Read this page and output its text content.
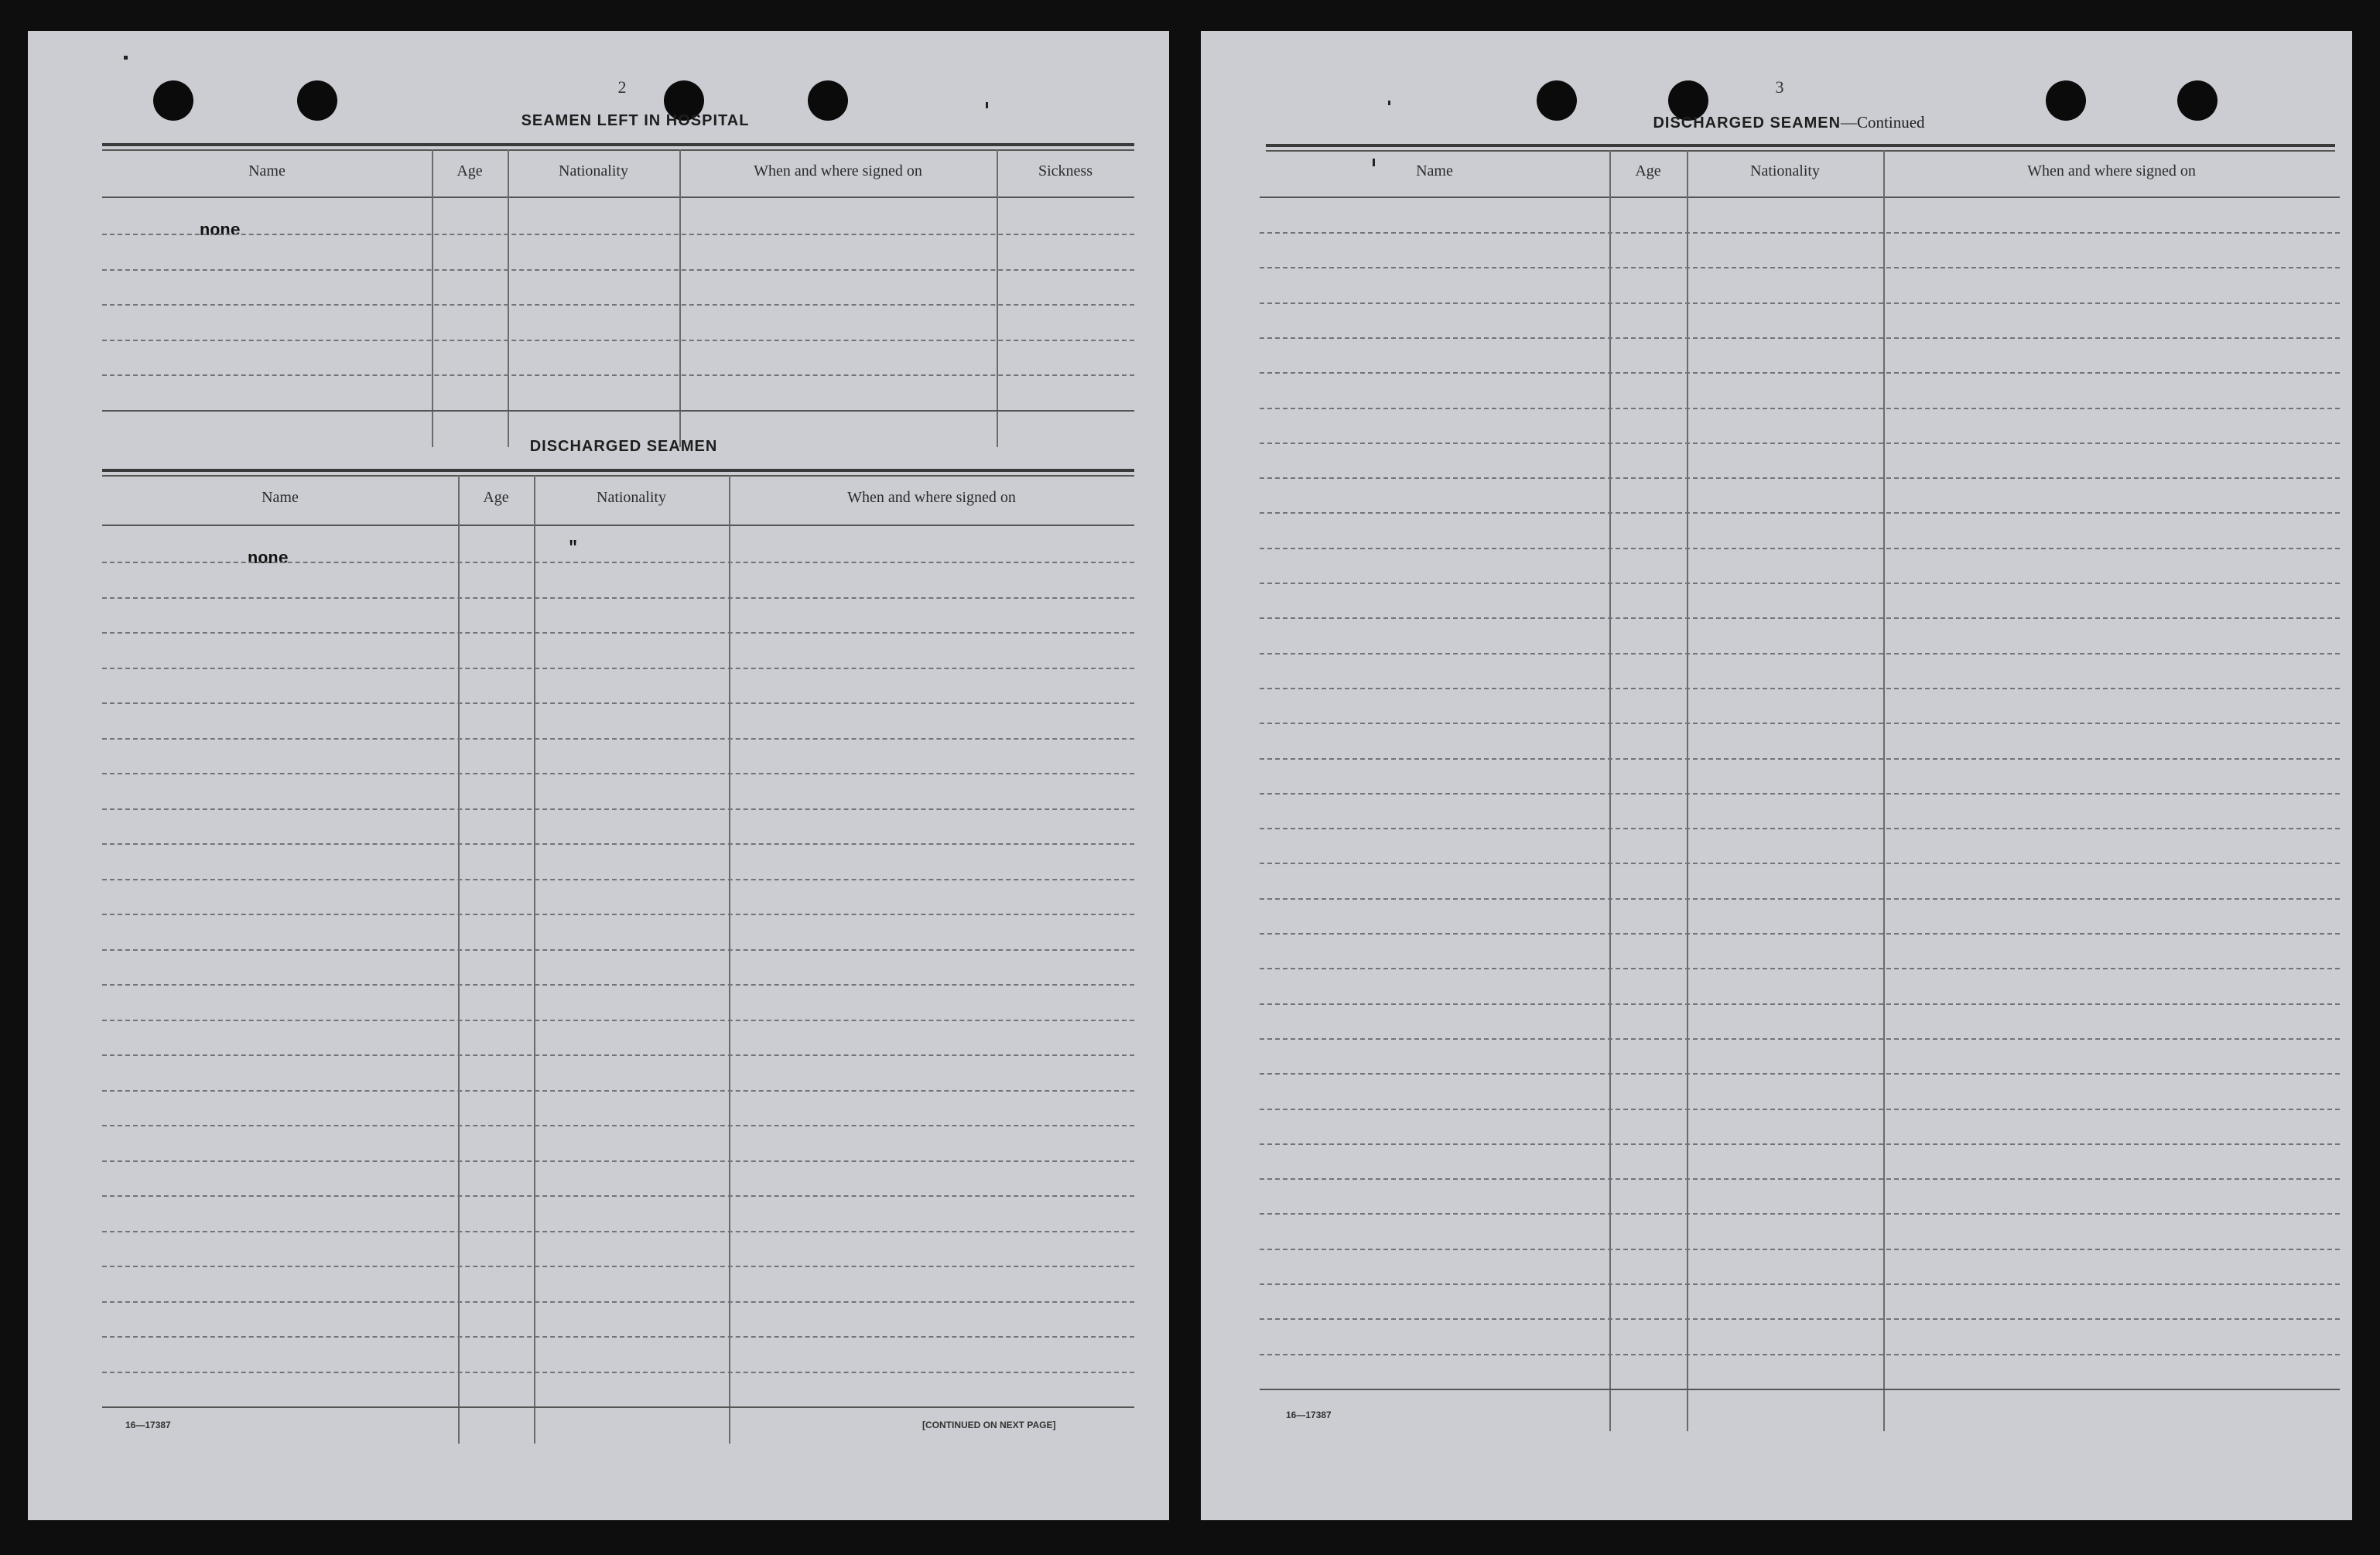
2
SEAMEN LEFT IN HOSPITAL
Name	Age	Nationality	When and where signed on	Sickness
none
DISCHARGED SEAMEN
Name	Age	Nationality	When and where signed on
none
"
16—17387	[CONTINUED ON NEXT PAGE]
3
DISCHARGED SEAMEN—Continued
Name	Age	Nationality	When and where signed on
16—17387
